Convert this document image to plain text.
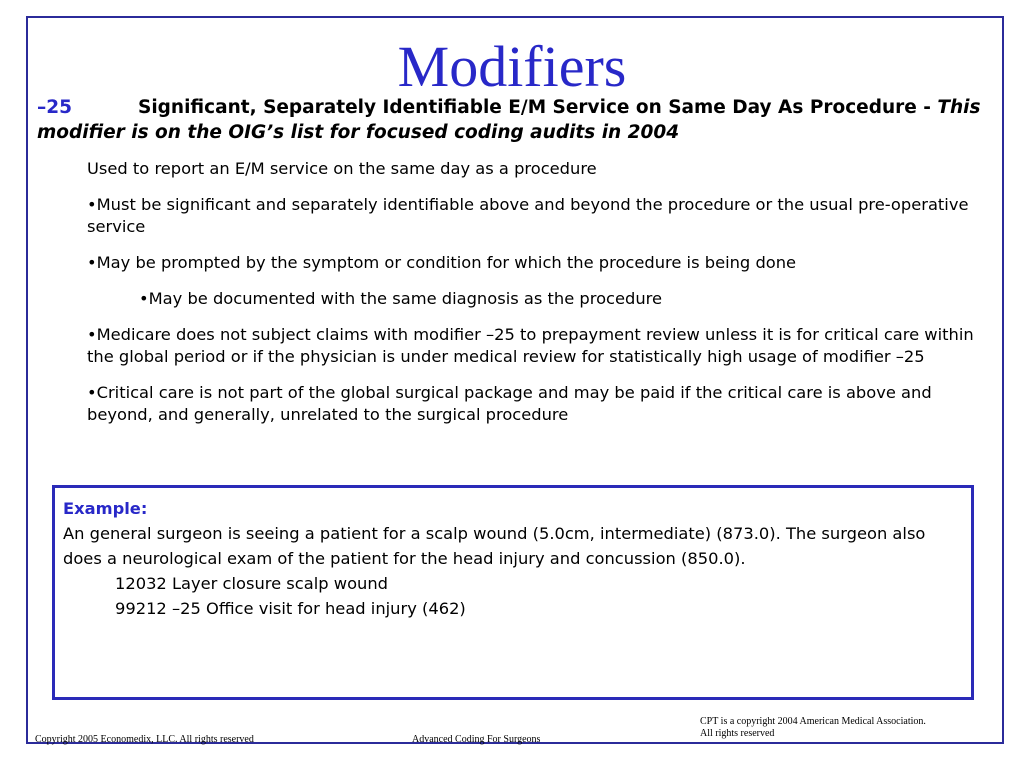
Modifiers
–25	Significant, Separately Identifiable E/M Service on Same Day As Procedure - This modifier is on the OIG’s list for focused coding audits in 2004

Used to report an E/M service on the same day as a procedure

•Must be significant and separately identifiable above and beyond the procedure or the usual pre-operative service

•May be prompted by the symptom or condition for which the procedure is being done

•May be documented with the same diagnosis as the procedure

•Medicare does not subject claims with modifier –25 to prepayment review unless it is for critical care within the global period or if the physician is under medical review for statistically high usage of modifier –25

•Critical care is not part of the global surgical package and may be paid if the critical care is above and beyond, and generally, unrelated to the surgical procedure

Example:
An general surgeon is seeing a patient for a scalp wound (5.0cm, intermediate) (873.0). The surgeon also does a neurological exam of the patient for the head injury and concussion (850.0).
12032 Layer closure scalp wound
99212 –25 Office visit for head injury (462)
Copyright 2005 Economedix, LLC. All rights reserved	Advanced Coding For Surgeons
CPT is a copyright 2004 American Medical Association.
All rights reserved
